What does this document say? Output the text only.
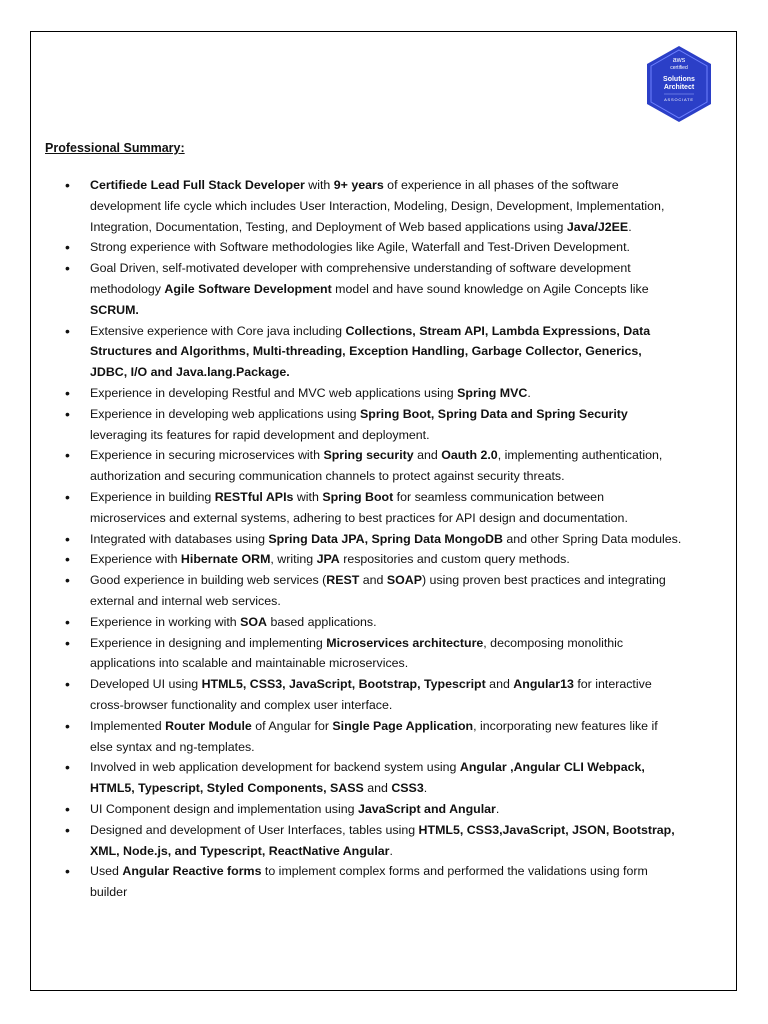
aws
certified
Solutions
Architect
ASSOCIATE

Professional Summary:

• Certifiede Lead Full Stack Developer with 9+ years of experience in all phases of the software development life cycle which includes User Interaction, Modeling, Design, Development, Implementation, Integration, Documentation, Testing, and Deployment of Web based applications using Java/J2EE.
• Strong experience with Software methodologies like Agile, Waterfall and Test-Driven Development.
• Goal Driven, self-motivated developer with comprehensive understanding of software development methodology Agile Software Development model and have sound knowledge on Agile Concepts like SCRUM.
• Extensive experience with Core java including Collections, Stream API, Lambda Expressions, Data Structures and Algorithms, Multi-threading, Exception Handling, Garbage Collector, Generics, JDBC, I/O and Java.lang.Package.
• Experience in developing Restful and MVC web applications using Spring MVC.
• Experience in developing web applications using Spring Boot, Spring Data and Spring Security leveraging its features for rapid development and deployment.
• Experience in securing microservices with Spring security and Oauth 2.0, implementing authentication, authorization and securing communication channels to protect against security threats.
• Experience in building RESTful APIs with Spring Boot for seamless communication between microservices and external systems, adhering to best practices for API design and documentation.
• Integrated with databases using Spring Data JPA, Spring Data MongoDB and other Spring Data modules.
• Experience with Hibernate ORM, writing JPA respositories and custom query methods.
• Good experience in building web services (REST and SOAP) using proven best practices and integrating external and internal web services.
• Experience in working with SOA based applications.
• Experience in designing and implementing Microservices architecture, decomposing monolithic applications into scalable and maintainable microservices.
• Developed UI using HTML5, CSS3, JavaScript, Bootstrap, Typescript and Angular13 for interactive cross-browser functionality and complex user interface.
• Implemented Router Module of Angular for Single Page Application, incorporating new features like if else syntax and ng-templates.
• Involved in web application development for backend system using Angular ,Angular CLI Webpack, HTML5, Typescript, Styled Components, SASS and CSS3.
• UI Component design and implementation using JavaScript and Angular.
• Designed and development of User Interfaces, tables using HTML5, CSS3,JavaScript, JSON, Bootstrap, XML, Node.js, and Typescript, ReactNative Angular.
• Used Angular Reactive forms to implement complex forms and performed the validations using form builder
